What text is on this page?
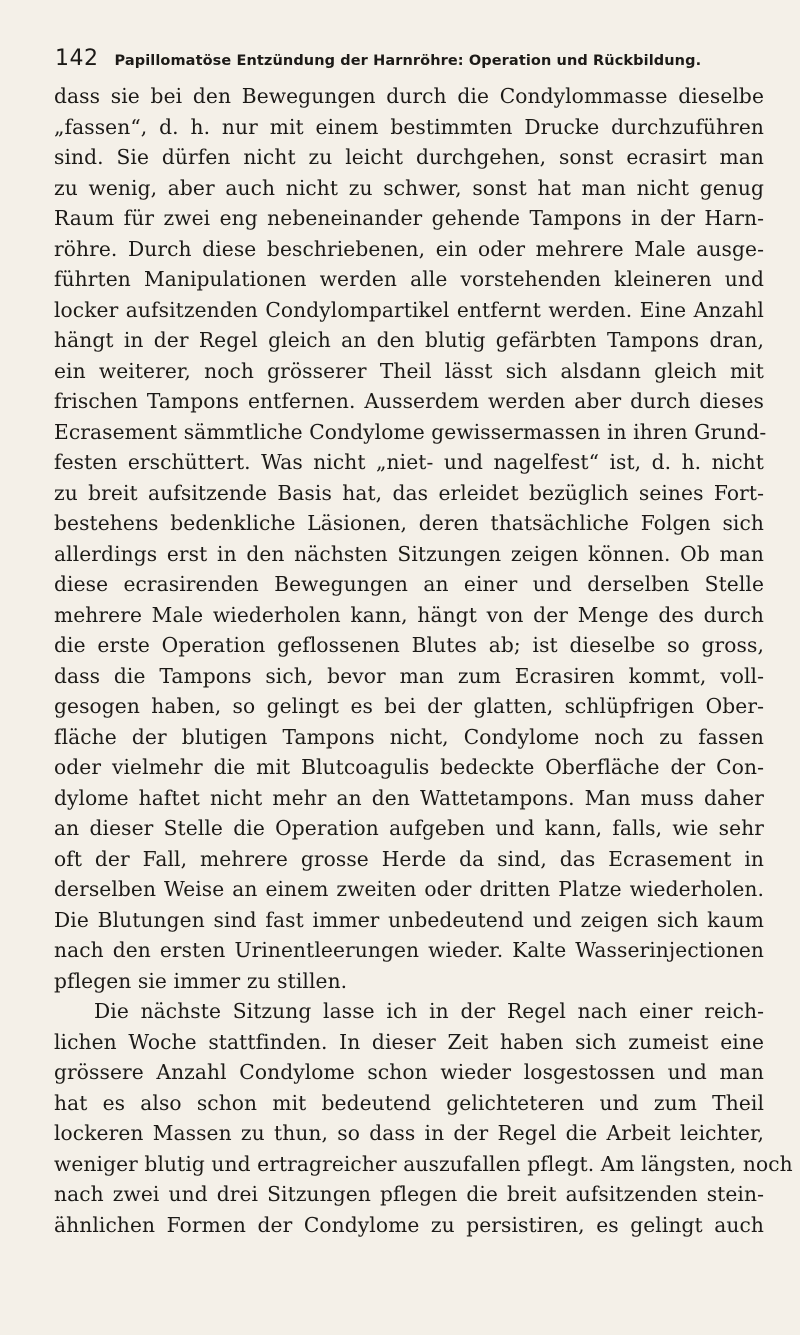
142 Papillomatöse Entzündung der Harnröhre: Operation und Rückbildung.
dass sie bei den Bewegungen durch die Condylommasse dieselbe
„fassen“, d. h. nur mit einem bestimmten Drucke durchzuführen
sind. Sie dürfen nicht zu leicht durchgehen, sonst ecrasirt man
zu wenig, aber auch nicht zu schwer, sonst hat man nicht genug
Raum für zwei eng nebeneinander gehende Tampons in der Harn-
röhre. Durch diese beschriebenen, ein oder mehrere Male ausge-
führten Manipulationen werden alle vorstehenden kleineren und
locker aufsitzenden Condylompartikel entfernt werden. Eine Anzahl
hängt in der Regel gleich an den blutig gefärbten Tampons dran,
ein weiterer, noch grösserer Theil lässt sich alsdann gleich mit
frischen Tampons entfernen. Ausserdem werden aber durch dieses
Ecrasement sämmtliche Condylome gewissermassen in ihren Grund-
festen erschüttert. Was nicht „niet- und nagelfest“ ist, d. h. nicht
zu breit aufsitzende Basis hat, das erleidet bezüglich seines Fort-
bestehens bedenkliche Läsionen, deren thatsächliche Folgen sich
allerdings erst in den nächsten Sitzungen zeigen können. Ob man
diese ecrasirenden Bewegungen an einer und derselben Stelle
mehrere Male wiederholen kann, hängt von der Menge des durch
die erste Operation geflossenen Blutes ab; ist dieselbe so gross,
dass die Tampons sich, bevor man zum Ecrasiren kommt, voll-
gesogen haben, so gelingt es bei der glatten, schlüpfrigen Ober-
fläche der blutigen Tampons nicht, Condylome noch zu fassen
oder vielmehr die mit Blutcoagulis bedeckte Oberfläche der Con-
dylome haftet nicht mehr an den Wattetampons. Man muss daher
an dieser Stelle die Operation aufgeben und kann, falls, wie sehr
oft der Fall, mehrere grosse Herde da sind, das Ecrasement in
derselben Weise an einem zweiten oder dritten Platze wiederholen.
Die Blutungen sind fast immer unbedeutend und zeigen sich kaum
nach den ersten Urinentleerungen wieder. Kalte Wasserinjectionen
pflegen sie immer zu stillen.
Die nächste Sitzung lasse ich in der Regel nach einer reich-
lichen Woche stattfinden. In dieser Zeit haben sich zumeist eine
grössere Anzahl Condylome schon wieder losgestossen und man
hat es also schon mit bedeutend gelichteteren und zum Theil
lockeren Massen zu thun, so dass in der Regel die Arbeit leichter,
weniger blutig und ertragreicher auszufallen pflegt. Am längsten, noch
nach zwei und drei Sitzungen pflegen die breit aufsitzenden stein-
ähnlichen Formen der Condylome zu persistiren, es gelingt auch
